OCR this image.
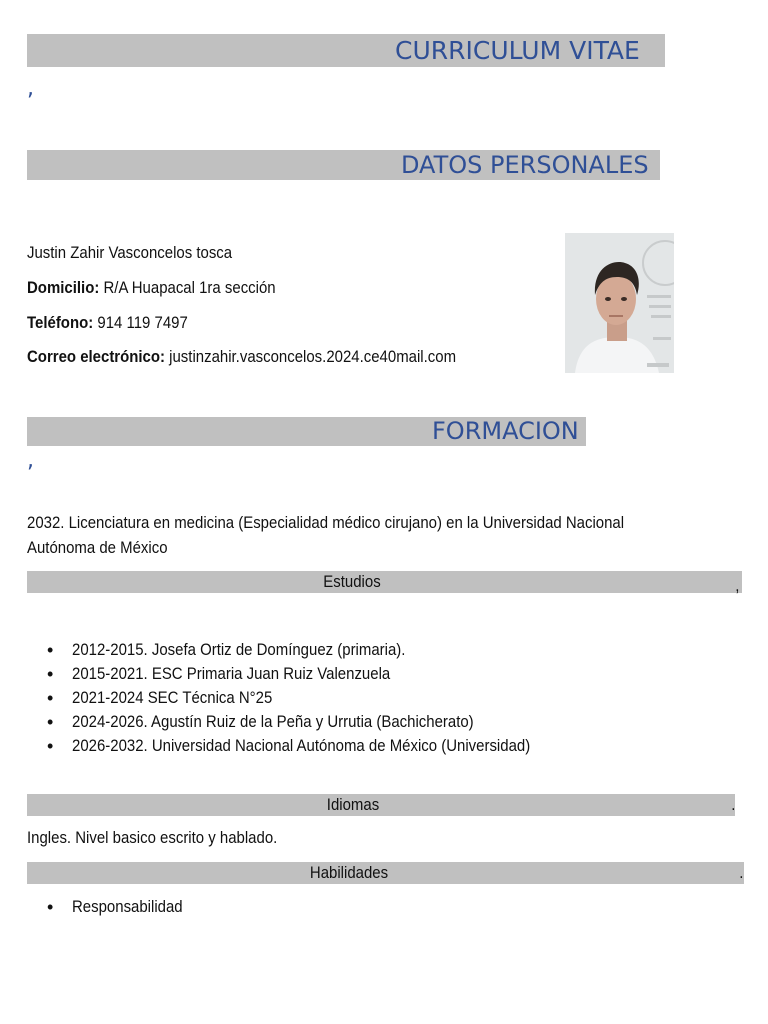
CURRICULUM VITAE
,
DATOS PERSONALES
Justin Zahir Vasconcelos tosca
Domicilio: R/A Huapacal 1ra sección
Teléfono: 914 119 7497
Correo electrónico: justinzahir.vasconcelos.2024.ce40mail.com
FORMACION
,
2032. Licenciatura en medicina (Especialidad médico cirujano) en la Universidad Nacional
Autónoma de México
Estudios	,
• 2012-2015. Josefa Ortiz de Domínguez (primaria).
• 2015-2021. ESC Primaria Juan Ruiz Valenzuela
• 2021-2024 SEC Técnica N°25
• 2024-2026. Agustín Ruiz de la Peña y Urrutia (Bachicherato)
• 2026-2032. Universidad Nacional Autónoma de México (Universidad)
Idiomas	.
Ingles. Nivel basico escrito y hablado.
Habilidades	.
• Responsabilidad
